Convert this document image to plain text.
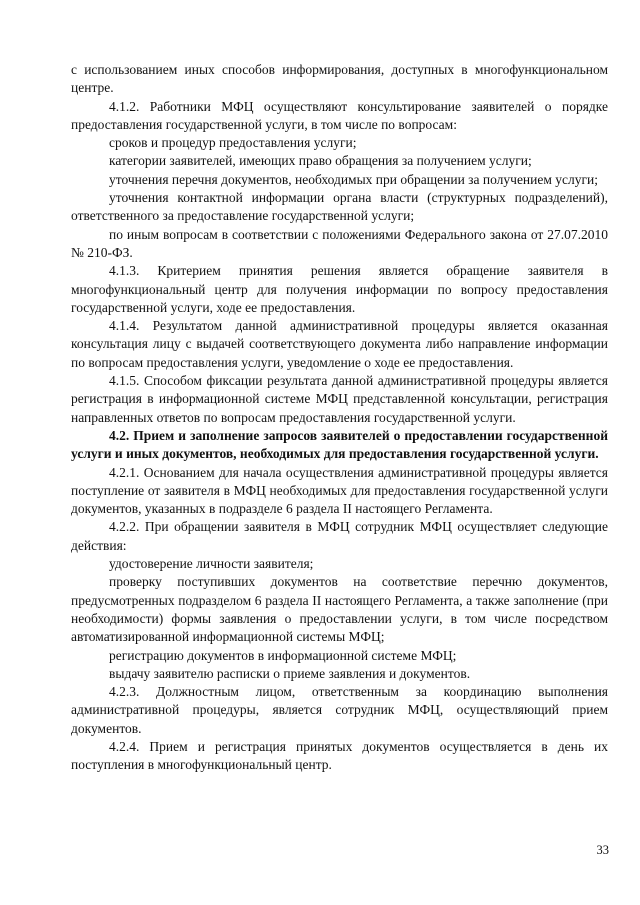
с использованием иных способов информирования, доступных в многофункциональном центре.

4.1.2. Работники МФЦ осуществляют консультирование заявителей о порядке предоставления государственной услуги, в том числе по вопросам:

сроков и процедур предоставления услуги;

категории заявителей, имеющих право обращения за получением услуги;

уточнения перечня документов, необходимых при обращении за получением услуги;

уточнения контактной информации органа власти (структурных подразделений), ответственного за предоставление государственной услуги;

по иным вопросам в соответствии с положениями Федерального закона от 27.07.2010 № 210-ФЗ.

4.1.3. Критерием принятия решения является обращение заявителя в многофункциональный центр для получения информации по вопросу предоставления государственной услуги, ходе ее предоставления.

4.1.4. Результатом данной административной процедуры является оказанная консультация лицу с выдачей соответствующего документа либо направление информации по вопросам предоставления услуги, уведомление о ходе ее предоставления.

4.1.5. Способом фиксации результата данной административной процедуры является регистрация в информационной системе МФЦ представленной консультации, регистрация направленных ответов по вопросам предоставления государственной услуги.

4.2. Прием и заполнение запросов заявителей о предоставлении государственной услуги и иных документов, необходимых для предоставления государственной услуги.

4.2.1. Основанием для начала осуществления административной процедуры является поступление от заявителя в МФЦ необходимых для предоставления государственной услуги документов, указанных в подразделе 6 раздела II настоящего Регламента.

4.2.2. При обращении заявителя в МФЦ сотрудник МФЦ осуществляет следующие действия:

удостоверение личности заявителя;

проверку поступивших документов на соответствие перечню документов, предусмотренных подразделом 6 раздела II настоящего Регламента, а также заполнение (при необходимости) формы заявления о предоставлении услуги, в том числе посредством автоматизированной информационной системы МФЦ;

регистрацию документов в информационной системе МФЦ;

выдачу заявителю расписки о приеме заявления и документов.

4.2.3. Должностным лицом, ответственным за координацию выполнения административной процедуры, является сотрудник МФЦ, осуществляющий прием документов.

4.2.4. Прием и регистрация принятых документов осуществляется в день их поступления в многофункциональный центр.

33
